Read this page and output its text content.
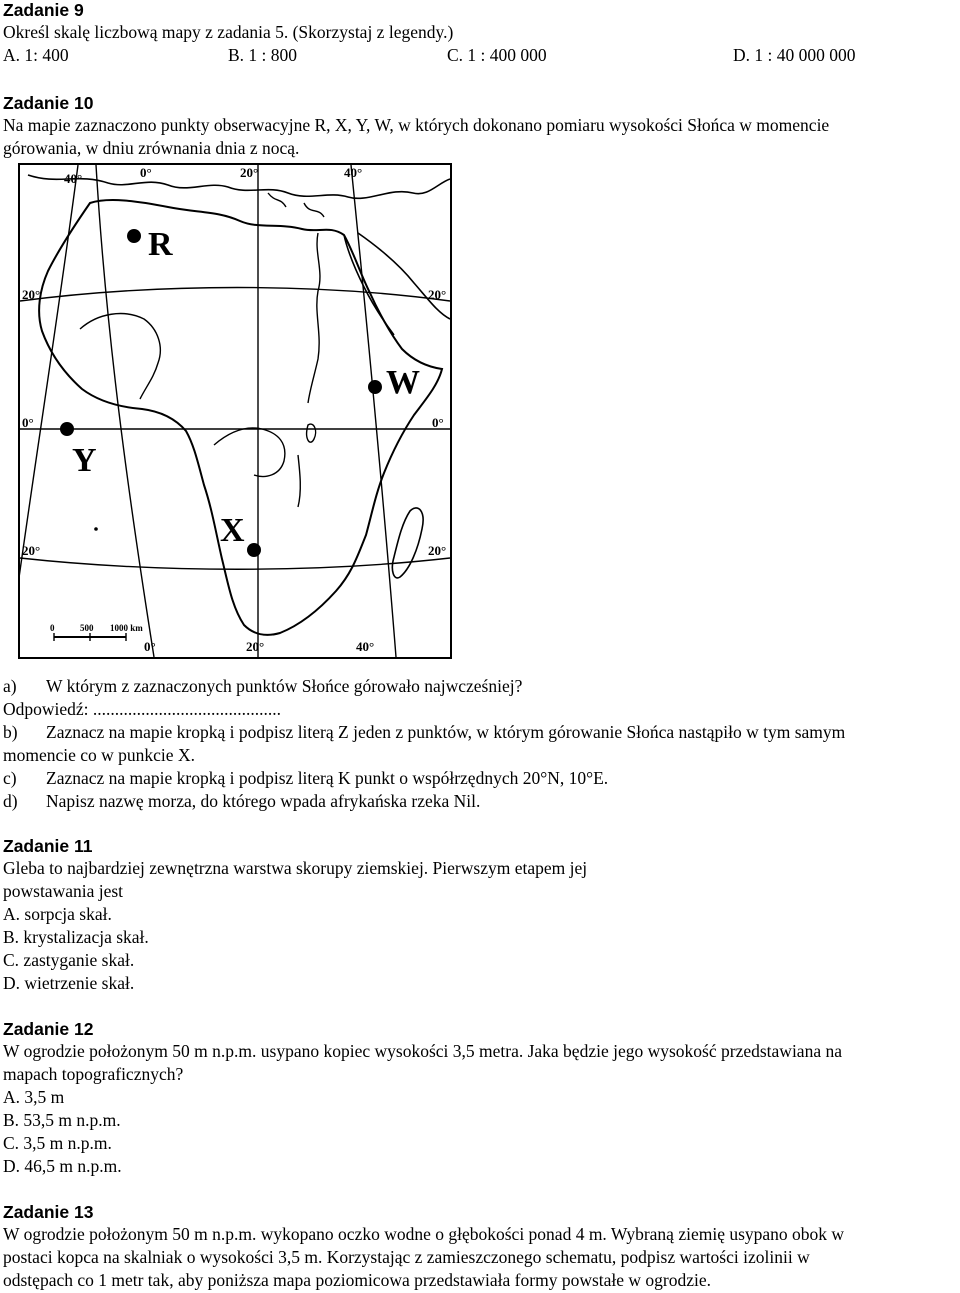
Zadanie 9
Określ skalę liczbową mapy z zadania 5. (Skorzystaj z legendy.)
A. 1: 400	B. 1 : 800	C. 1 : 400 000	D. 1 : 40 000 000
Zadanie 10
Na mapie zaznaczono punkty obserwacyjne R, X, Y, W, w których dokonano pomiaru wysokości Słońca w momencie
górowania, w dniu zrównania dnia z nocą.
R
W
Y
X
40°	0°	20°	40°
0°	20°	40°
20°
0°
20°
20°
0°
20°
0	500 1000 km
a) W którym z zaznaczonych punktów Słońce górowało najwcześniej?
Odpowiedź: ...........................................
b) Zaznacz na mapie kropką i podpisz literą Z jeden z punktów, w którym górowanie Słońca nastąpiło w tym samym
momencie co w punkcie X.
c) Zaznacz na mapie kropką i podpisz literą K punkt o współrzędnych 20°N, 10°E.
d) Napisz nazwę morza, do którego wpada afrykańska rzeka Nil.
Zadanie 11
Gleba to najbardziej zewnętrzna warstwa skorupy ziemskiej. Pierwszym etapem jej
powstawania jest
A. sorpcja skał.
B. krystalizacja skał.
C. zastyganie skał.
D. wietrzenie skał.
Zadanie 12
W ogrodzie położonym 50 m n.p.m. usypano kopiec wysokości 3,5 metra. Jaka będzie jego wysokość przedstawiana na
mapach topograficznych?
A. 3,5 m
B. 53,5 m n.p.m.
C. 3,5 m n.p.m.
D. 46,5 m n.p.m.
Zadanie 13
W ogrodzie położonym 50 m n.p.m. wykopano oczko wodne o głębokości ponad 4 m. Wybraną ziemię usypano obok w
postaci kopca na skalniak o wysokości 3,5 m. Korzystając z zamieszczonego schematu, podpisz wartości izolinii w
odstępach co 1 metr tak, aby poniższa mapa poziomicowa przedstawiała formy powstałe w ogrodzie.
